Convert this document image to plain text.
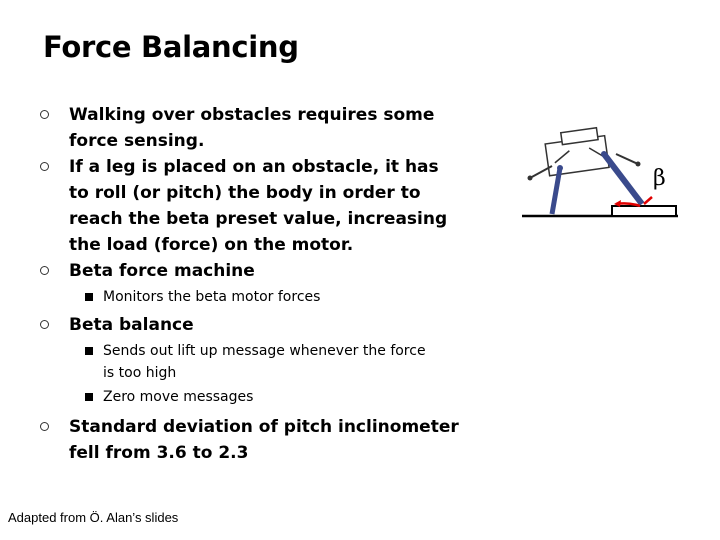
Force Balancing
Walking over obstacles requires some force sensing.
If a leg is placed on an obstacle, it has to roll (or pitch) the body in order to reach the beta preset value, increasing the load (force) on the motor.
Beta force machine
Monitors the beta motor forces
Beta balance
Sends out lift up message whenever the force is too high
Zero move messages
Standard deviation of pitch inclinometer fell from 3.6 to 2.3
β
Adapted from Ö. Alan’s slides
